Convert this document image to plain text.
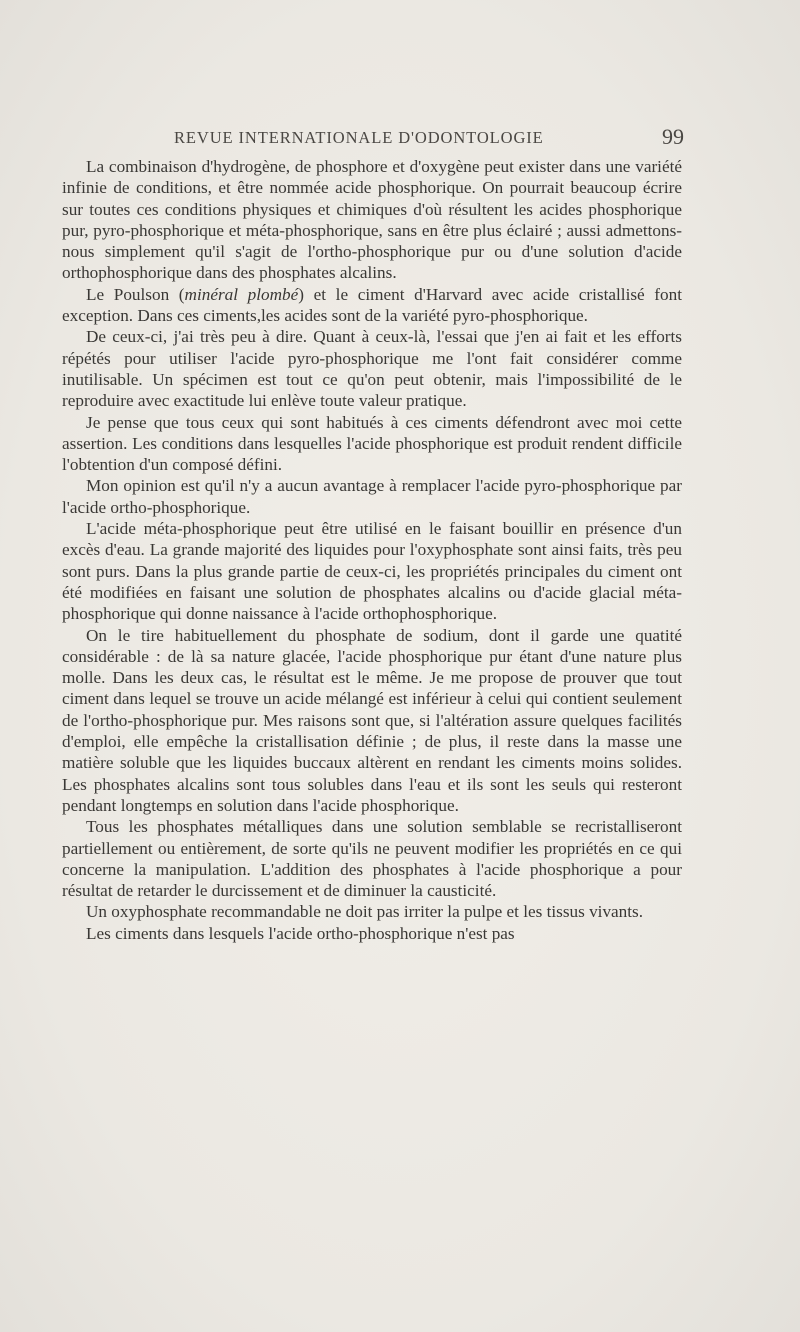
REVUE INTERNATIONALE D'ODONTOLOGIE	99

La combinaison d'hydrogène, de phosphore et d'oxygène peut exister dans une variété infinie de conditions, et être nommée acide phosphorique. On pourrait beaucoup écrire sur toutes ces conditions physiques et chimiques d'où résultent les acides phosphorique pur, pyro-phosphorique et méta-phosphorique, sans en être plus éclairé ; aussi admettons-nous simplement qu'il s'agit de l'ortho-phosphorique pur ou d'une solution d'acide orthophosphorique dans des phosphates alcalins.

Le Poulson (minéral plombé) et le ciment d'Harvard avec acide cristallisé font exception. Dans ces ciments,les acides sont de la variété pyro-phosphorique.

De ceux-ci, j'ai très peu à dire. Quant à ceux-là, l'essai que j'en ai fait et les efforts répétés pour utiliser l'acide pyro-phosphorique me l'ont fait considérer comme inutilisable. Un spécimen est tout ce qu'on peut obtenir, mais l'impossibilité de le reproduire avec exactitude lui enlève toute valeur pratique.

Je pense que tous ceux qui sont habitués à ces ciments défendront avec moi cette assertion. Les conditions dans lesquelles l'acide phosphorique est produit rendent difficile l'obtention d'un composé défini.

Mon opinion est qu'il n'y a aucun avantage à remplacer l'acide pyro-phosphorique par l'acide ortho-phosphorique.

L'acide méta-phosphorique peut être utilisé en le faisant bouillir en présence d'un excès d'eau. La grande majorité des liquides pour l'oxyphosphate sont ainsi faits, très peu sont purs. Dans la plus grande partie de ceux-ci, les propriétés principales du ciment ont été modifiées en faisant une solution de phosphates alcalins ou d'acide glacial méta-phosphorique qui donne naissance à l'acide orthophosphorique.

On le tire habituellement du phosphate de sodium, dont il garde une quatité considérable : de là sa nature glacée, l'acide phosphorique pur étant d'une nature plus molle. Dans les deux cas, le résultat est le même. Je me propose de prouver que tout ciment dans lequel se trouve un acide mélangé est inférieur à celui qui contient seulement de l'ortho-phosphorique pur. Mes raisons sont que, si l'altération assure quelques facilités d'emploi, elle empêche la cristallisation définie ; de plus, il reste dans la masse une matière soluble que les liquides buccaux altèrent en rendant les ciments moins solides. Les phosphates alcalins sont tous solubles dans l'eau et ils sont les seuls qui resteront pendant longtemps en solution dans l'acide phosphorique.

Tous les phosphates métalliques dans une solution semblable se recristalliseront partiellement ou entièrement, de sorte qu'ils ne peuvent modifier les propriétés en ce qui concerne la manipulation. L'addition des phosphates à l'acide phosphorique a pour résultat de retarder le durcissement et de diminuer la causticité.

Un oxyphosphate recommandable ne doit pas irriter la pulpe et les tissus vivants.

Les ciments dans lesquels l'acide ortho-phosphorique n'est pas
